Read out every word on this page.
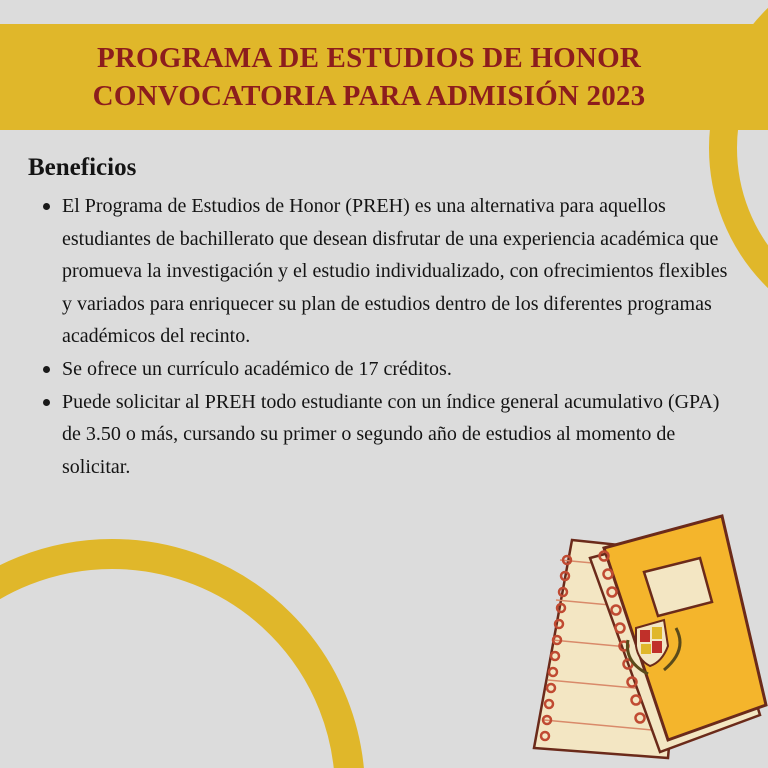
PROGRAMA DE ESTUDIOS DE HONOR
CONVOCATORIA PARA ADMISIÓN 2023
Beneficios
El Programa de Estudios de Honor (PREH) es una alternativa para aquellos estudiantes de bachillerato que desean disfrutar de una experiencia académica que promueva la investigación y el estudio individualizado, con ofrecimientos flexibles y variados para enriquecer su plan de estudios dentro de los diferentes programas académicos del recinto.
Se ofrece un currículo académico de 17 créditos.
Puede solicitar al PREH todo estudiante con un índice general acumulativo (GPA) de 3.50 o más, cursando su primer o segundo año de estudios al momento de solicitar.
